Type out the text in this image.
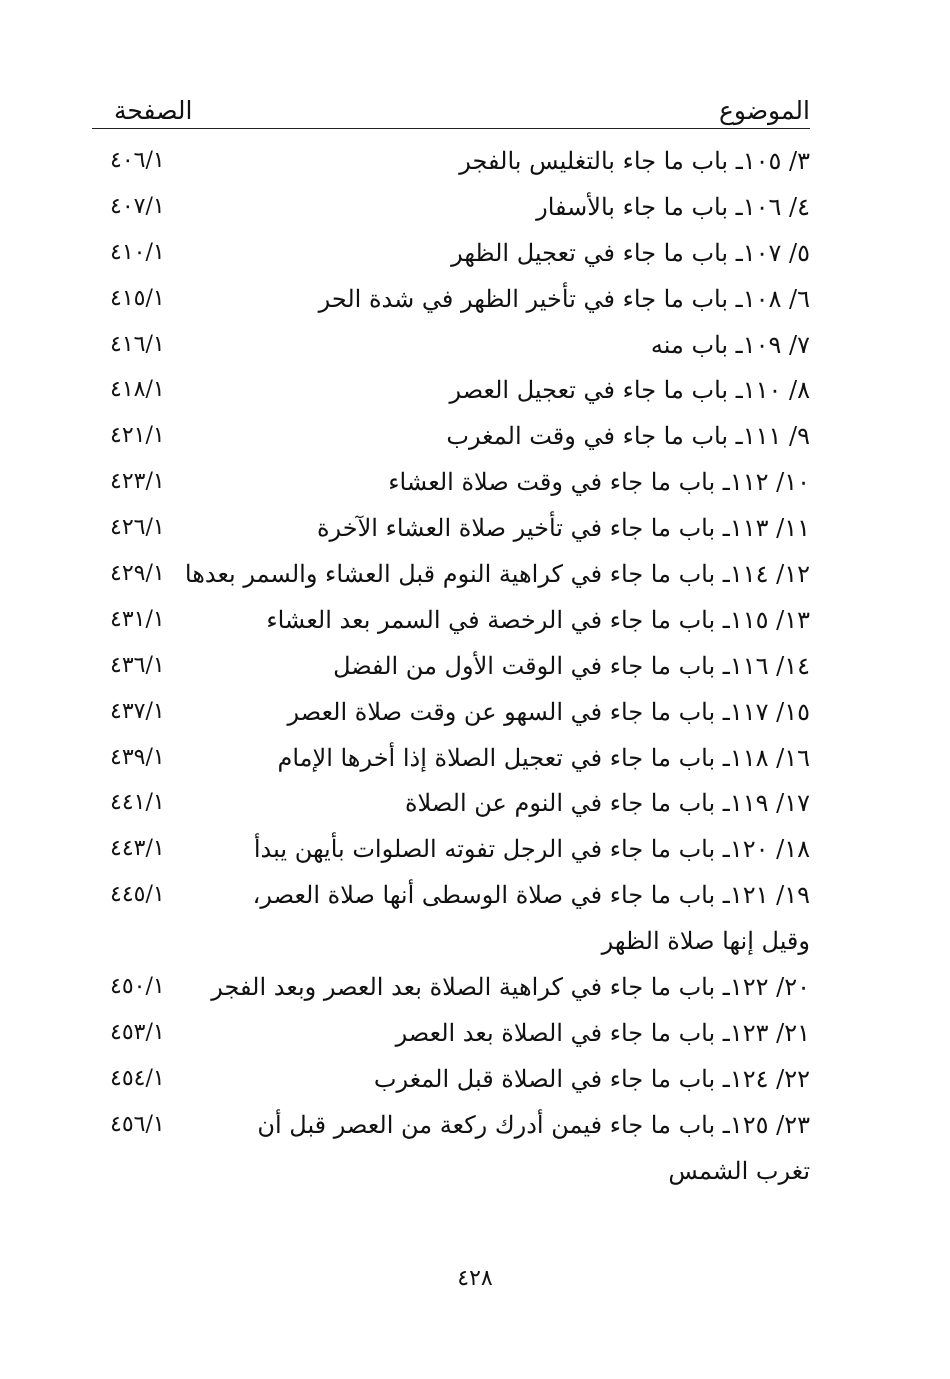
الموضوع
الصفحة
٣/ ١٠٥ـ باب ما جاء بالتغليس بالفجر
٤٠٦/١
٤/ ١٠٦ـ باب ما جاء بالأسفار
٤٠٧/١
٥/ ١٠٧ـ باب ما جاء في تعجيل الظهر
٤١٠/١
٦/ ١٠٨ـ باب ما جاء في تأخير الظهر في شدة الحر
٤١٥/١
٧/ ١٠٩ـ باب منه
٤١٦/١
٨/ ١١٠ـ باب ما جاء في تعجيل العصر
٤١٨/١
٩/ ١١١ـ باب ما جاء في وقت المغرب
٤٢١/١
١٠/ ١١٢ـ باب ما جاء في وقت صلاة العشاء
٤٢٣/١
١١/ ١١٣ـ باب ما جاء في تأخير صلاة العشاء الآخرة
٤٢٦/١
١٢/ ١١٤ـ باب ما جاء في كراهية النوم قبل العشاء والسمر بعدها
٤٢٩/١
١٣/ ١١٥ـ باب ما جاء في الرخصة في السمر بعد العشاء
٤٣١/١
١٤/ ١١٦ـ باب ما جاء في الوقت الأول من الفضل
٤٣٦/١
١٥/ ١١٧ـ باب ما جاء في السهو عن وقت صلاة العصر
٤٣٧/١
١٦/ ١١٨ـ باب ما جاء في تعجيل الصلاة إذا أخرها الإمام
٤٣٩/١
١٧/ ١١٩ـ باب ما جاء في النوم عن الصلاة
٤٤١/١
١٨/ ١٢٠ـ باب ما جاء في الرجل تفوته الصلوات بأيهن يبدأ
٤٤٣/١
١٩/ ١٢١ـ باب ما جاء في صلاة الوسطى أنها صلاة العصر،
٤٤٥/١
وقيل إنها صلاة الظهر
٢٠/ ١٢٢ـ باب ما جاء في كراهية الصلاة بعد العصر وبعد الفجر
٤٥٠/١
٢١/ ١٢٣ـ باب ما جاء في الصلاة بعد العصر
٤٥٣/١
٢٢/ ١٢٤ـ باب ما جاء في الصلاة قبل المغرب
٤٥٤/١
٢٣/ ١٢٥ـ باب ما جاء فيمن أدرك ركعة من العصر قبل أن
٤٥٦/١
تغرب الشمس
٤٢٨
